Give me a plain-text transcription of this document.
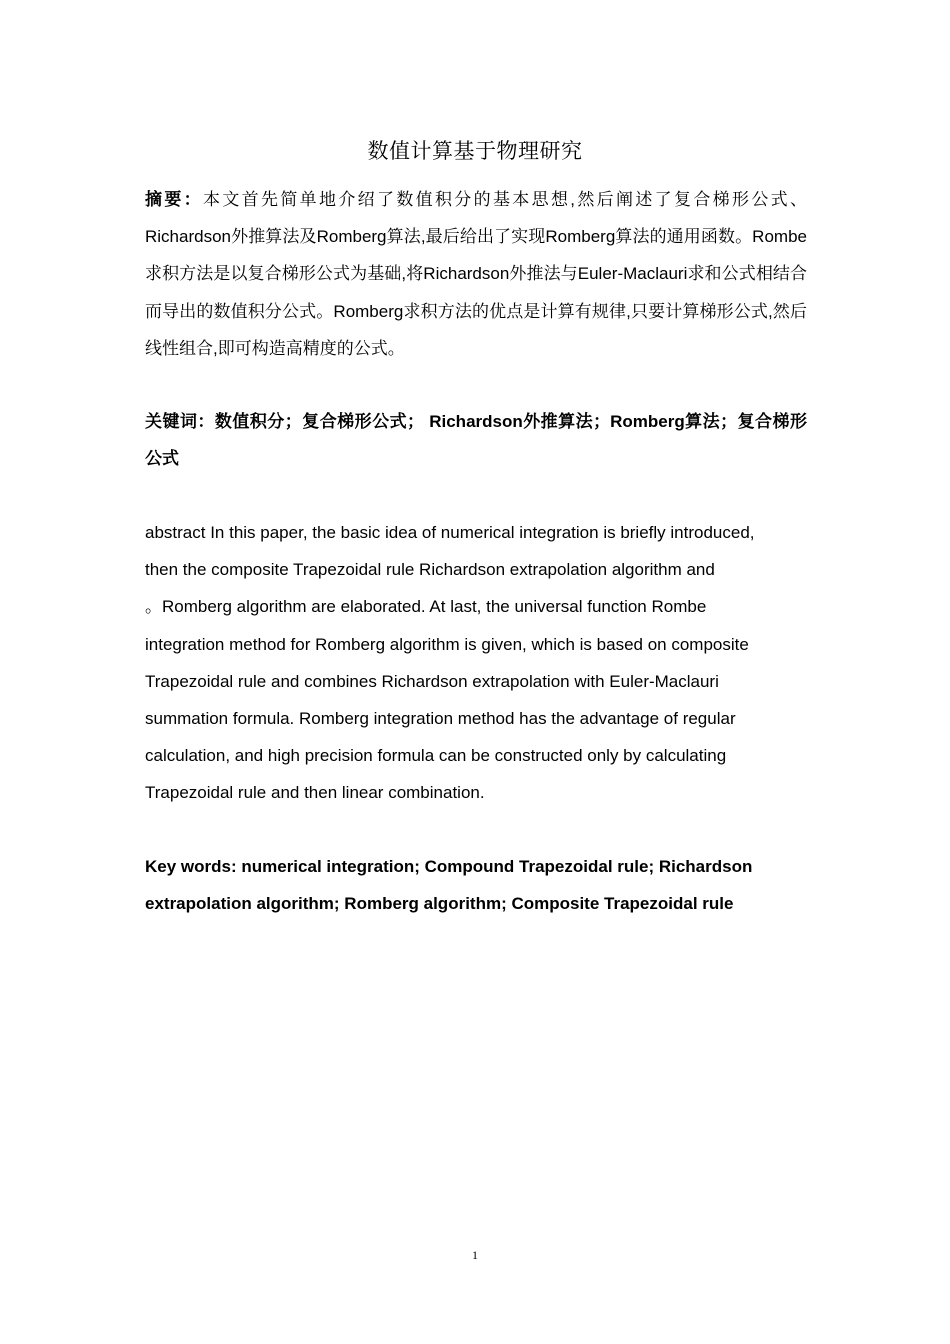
数值计算基于物理研究
摘要：本文首先简单地介绍了数值积分的基本思想,然后阐述了复合梯形公式、Richardson外推算法及Romberg算法,最后给出了实现Romberg算法的通用函数。Rombe求积方法是以复合梯形公式为基础,将Richardson外推法与Euler-Maclauri求和公式相结合而导出的数值积分公式。Romberg求积方法的优点是计算有规律,只要计算梯形公式,然后线性组合,即可构造高精度的公式。
关键词：数值积分；复合梯形公式； Richardson外推算法；Romberg算法；复合梯形公式
abstract In this paper, the basic idea of numerical integration is briefly introduced,
then the composite Trapezoidal rule Richardson extrapolation algorithm and
。Romberg algorithm are elaborated. At last, the universal function Rombe
integration method for Romberg algorithm is given, which is based on composite
Trapezoidal rule and combines Richardson extrapolation with Euler-Maclauri
summation formula. Romberg integration method has the advantage of regular
calculation, and high precision formula can be constructed only by calculating
Trapezoidal rule and then linear combination.
Key words: numerical integration; Compound Trapezoidal rule; Richardson
extrapolation algorithm; Romberg algorithm; Composite Trapezoidal rule
1
